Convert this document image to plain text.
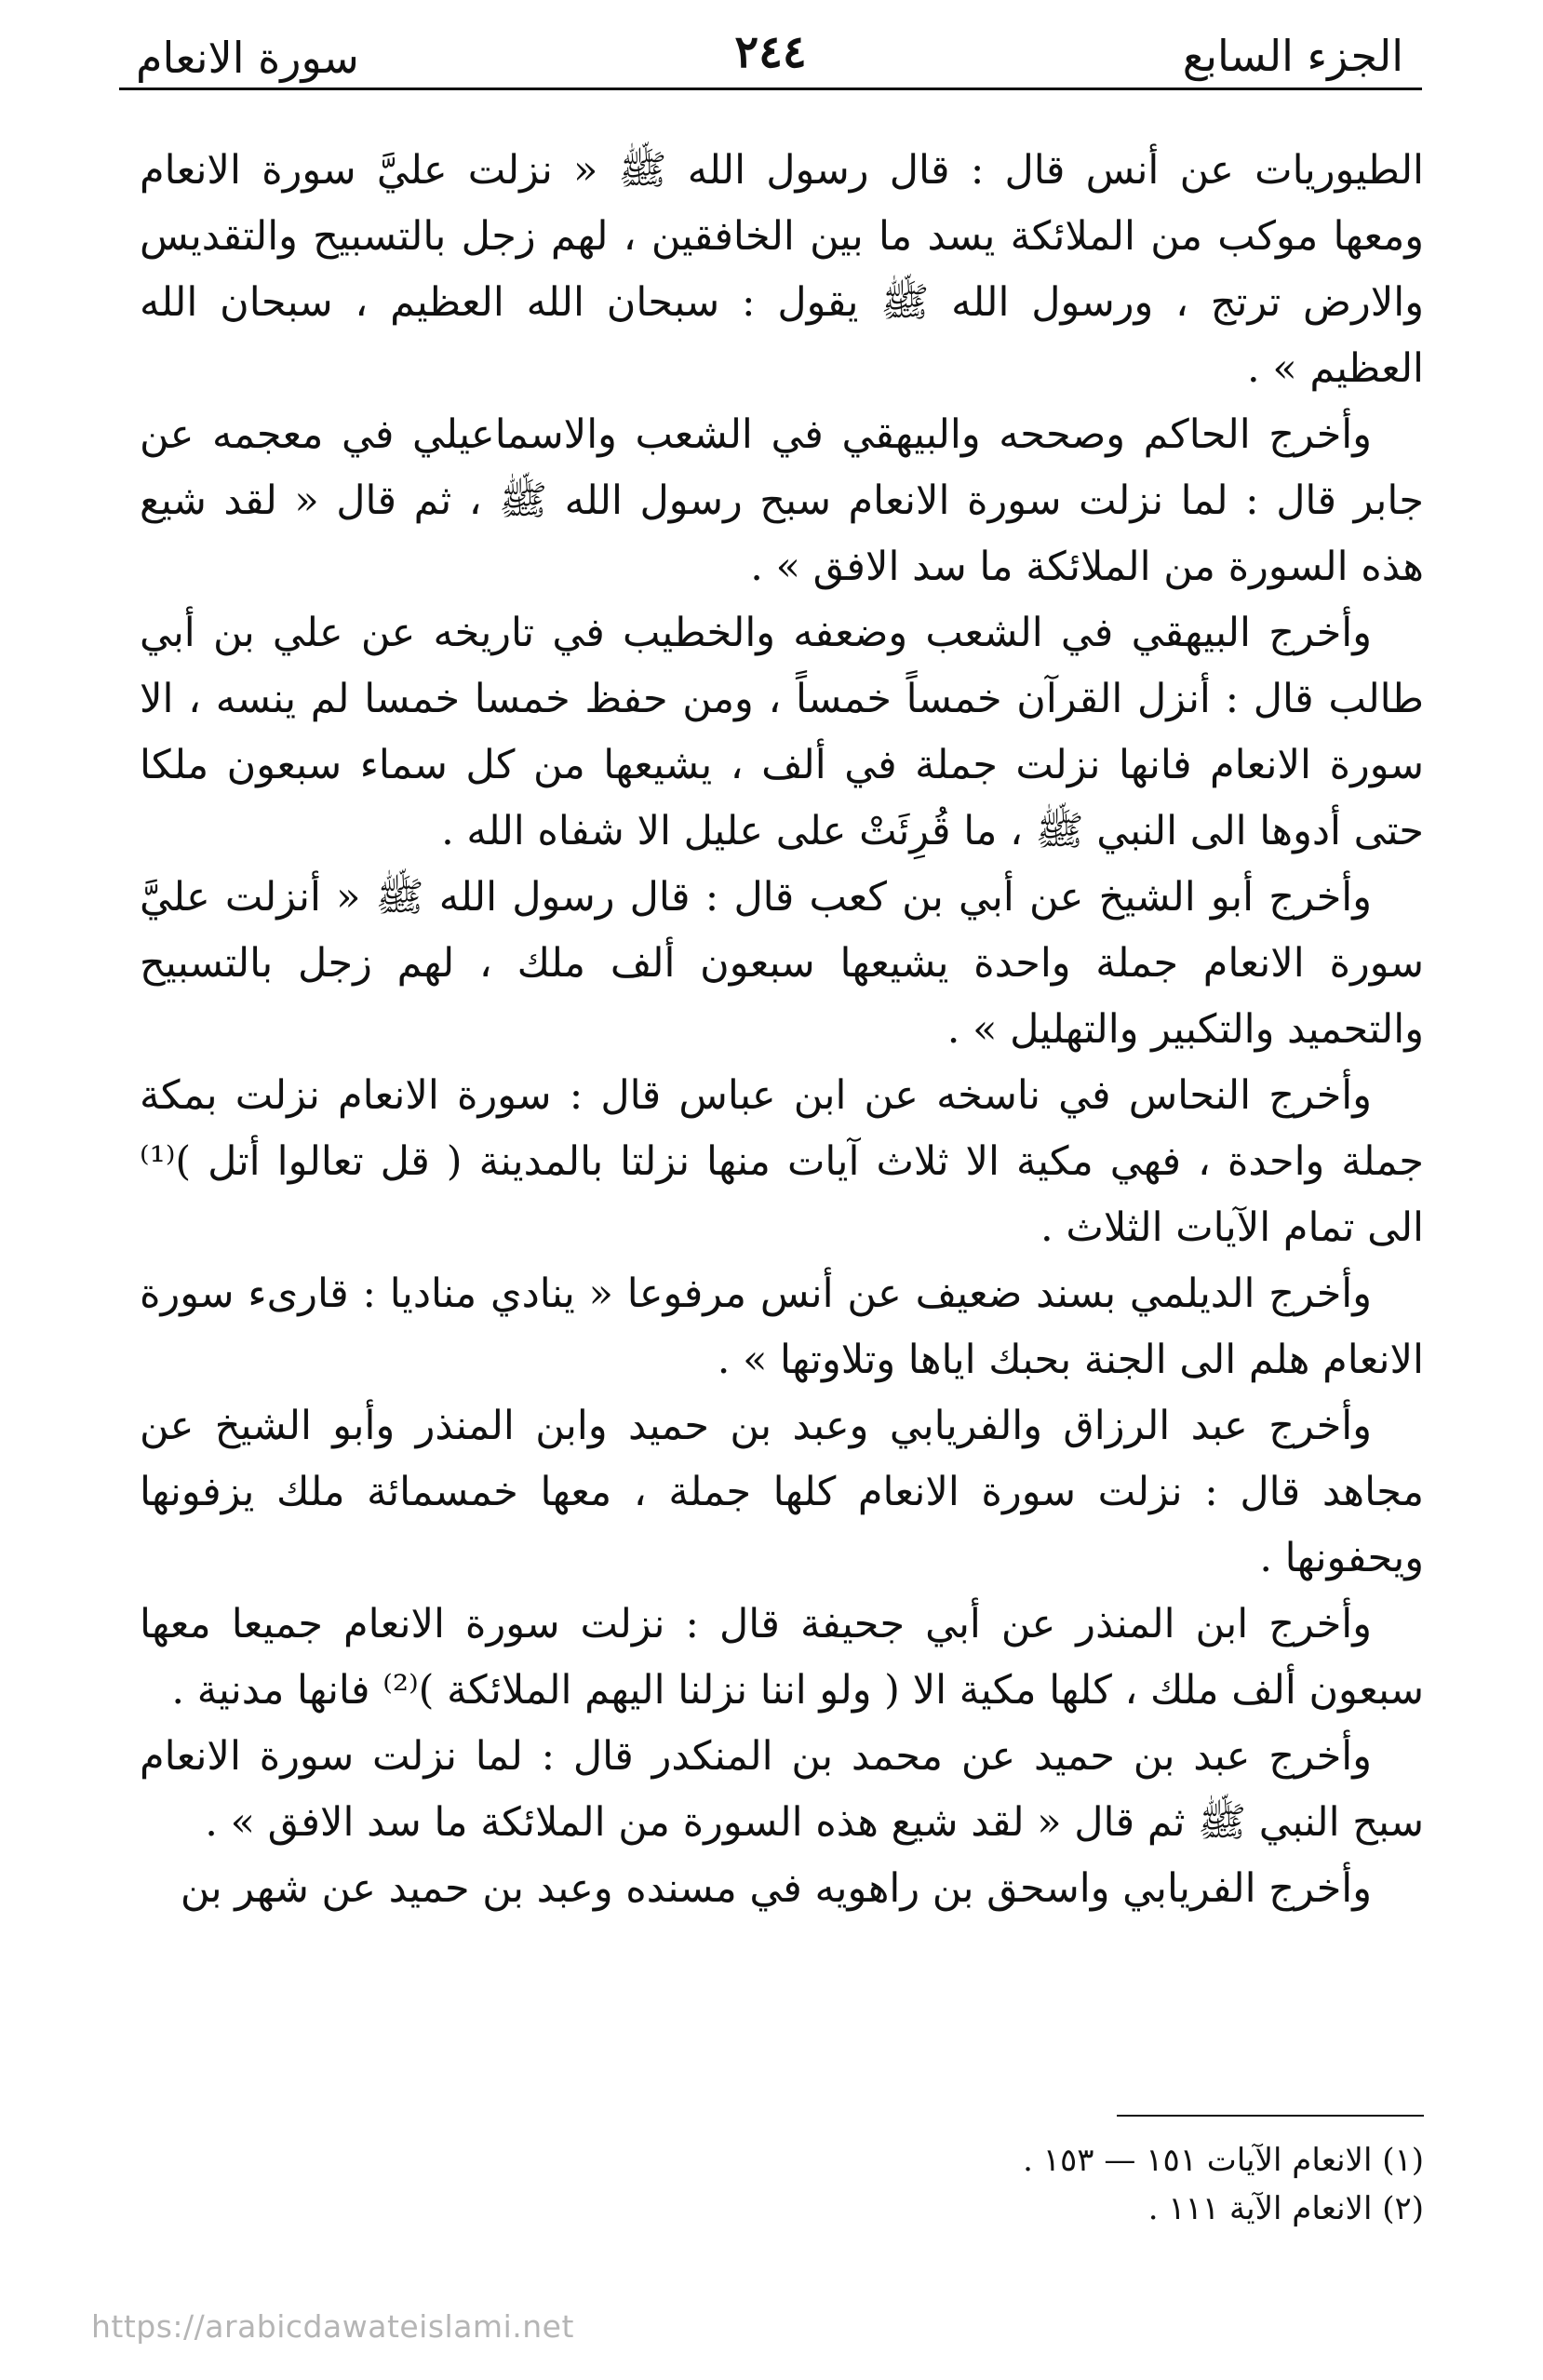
الجزء السابع
٢٤٤
سورة الانعام

الطيوريات عن أنس قال : قال رسول الله ﷺ « نزلت عليَّ سورة الانعام ومعها موكب من الملائكة يسد ما بين الخافقين ، لهم زجل بالتسبيح والتقديس والارض ترتج ، ورسول الله ﷺ يقول : سبحان الله العظيم ، سبحان الله العظيم » .

وأخرج الحاكم وصححه والبيهقي في الشعب والاسماعيلي في معجمه عن جابر قال : لما نزلت سورة الانعام سبح رسول الله ﷺ ، ثم قال « لقد شيع هذه السورة من الملائكة ما سد الافق » .

وأخرج البيهقي في الشعب وضعفه والخطيب في تاريخه عن علي بن أبي طالب قال : أنزل القرآن خمساً خمساً ، ومن حفظ خمسا خمسا لم ينسه ، الا سورة الانعام فانها نزلت جملة في ألف ، يشيعها من كل سماء سبعون ملكا حتى أدوها الى النبي ﷺ ، ما قُرِئَتْ على عليل الا شفاه الله .

وأخرج أبو الشيخ عن أبي بن كعب قال : قال رسول الله ﷺ « أنزلت عليَّ سورة الانعام جملة واحدة يشيعها سبعون ألف ملك ، لهم زجل بالتسبيح والتحميد والتكبير والتهليل » .

وأخرج النحاس في ناسخه عن ابن عباس قال : سورة الانعام نزلت بمكة جملة واحدة ، فهي مكية الا ثلاث آيات منها نزلتا بالمدينة ( قل تعالوا أتل )⁽¹⁾ الى تمام الآيات الثلاث .

وأخرج الديلمي بسند ضعيف عن أنس مرفوعا « ينادي مناديا : قارىء سورة الانعام هلم الى الجنة بحبك اياها وتلاوتها » .

وأخرج عبد الرزاق والفريابي وعبد بن حميد وابن المنذر وأبو الشيخ عن مجاهد قال : نزلت سورة الانعام كلها جملة ، معها خمسمائة ملك يزفونها ويحفونها .

وأخرج ابن المنذر عن أبي جحيفة قال : نزلت سورة الانعام جميعا معها سبعون ألف ملك ، كلها مكية الا ( ولو اننا نزلنا اليهم الملائكة )⁽²⁾ فانها مدنية .

وأخرج عبد بن حميد عن محمد بن المنكدر قال : لما نزلت سورة الانعام سبح النبي ﷺ ثم قال « لقد شيع هذه السورة من الملائكة ما سد الافق » .

وأخرج الفريابي واسحق بن راهويه في مسنده وعبد بن حميد عن شهر بن

(١) الانعام الآيات ١٥١ — ١٥٣ .

(٢) الانعام الآية ١١١ .

https://arabicdawateislami.net
